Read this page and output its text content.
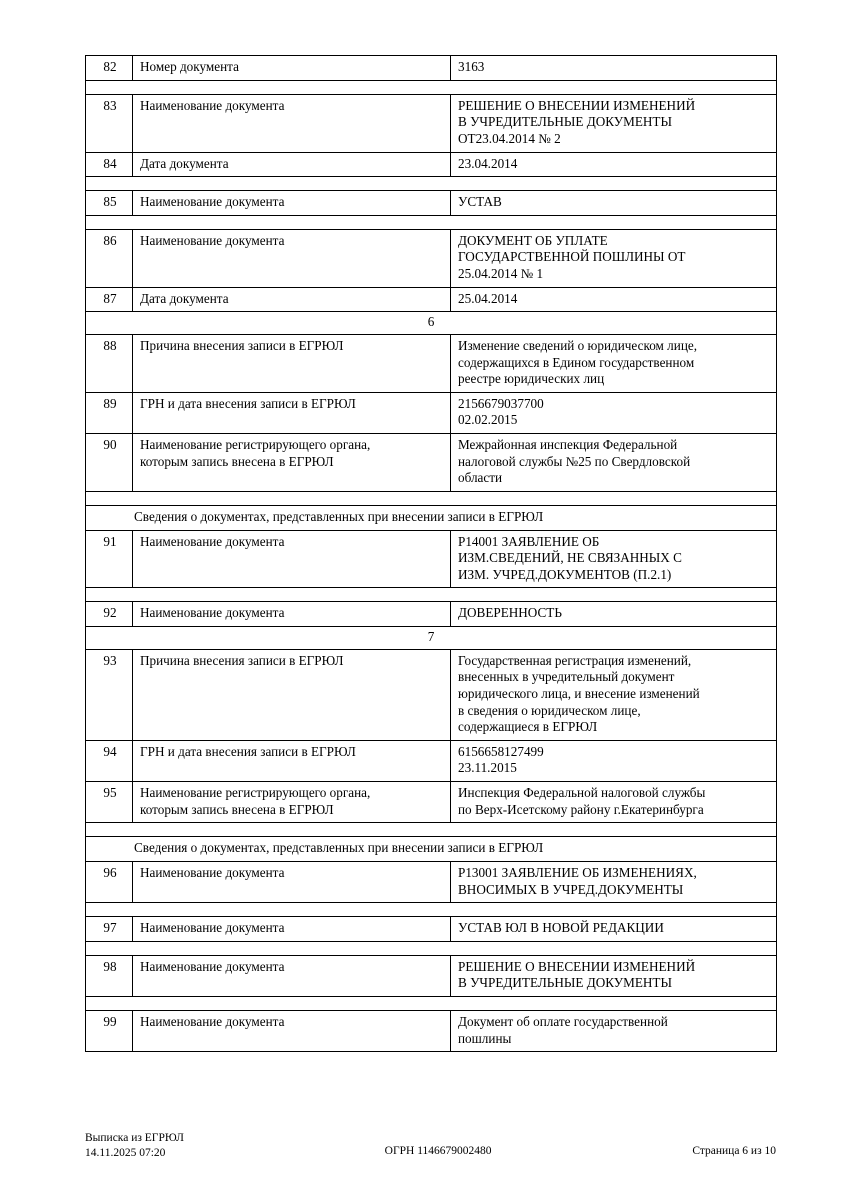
82	Номер документа	3163

83	Наименование документа	РЕШЕНИЕ О ВНЕСЕНИИ ИЗМЕНЕНИЙ
В УЧРЕДИТЕЛЬНЫЕ ДОКУМЕНТЫ
ОТ23.04.2014 № 2

84	Дата документа	23.04.2014

85	Наименование документа	УСТАВ

86	Наименование документа	ДОКУМЕНТ ОБ УПЛАТЕ
ГОСУДАРСТВЕННОЙ ПОШЛИНЫ ОТ
25.04.2014 № 1

87	Дата документа	25.04.2014

6		
88	Причина внесения записи в ЕГРЮЛ	Изменение сведений о юридическом лице,
содержащихся в Едином государственном
реестре юридических лиц

89	ГРН и дата внесения записи в ЕГРЮЛ	2156679037700
02.02.2015

90	Наименование регистрирующего органа,
которым запись внесена в ЕГРЮЛ	Межрайонная инспекция Федеральной
налоговой службы №25 по Свердловской
области

Сведения о документах, представленных при внесении записи в ЕГРЮЛ		
91	Наименование документа	Р14001 ЗАЯВЛЕНИЕ ОБ
ИЗМ.СВЕДЕНИЙ, НЕ СВЯЗАННЫХ С
ИЗМ. УЧРЕД.ДОКУМЕНТОВ (П.2.1)

92	Наименование документа	ДОВЕРЕННОСТЬ

7		
93	Причина внесения записи в ЕГРЮЛ	Государственная регистрация изменений,
внесенных в учредительный документ
юридического лица, и внесение изменений
в сведения о юридическом лице,
содержащиеся в ЕГРЮЛ

94	ГРН и дата внесения записи в ЕГРЮЛ	6156658127499
23.11.2015

95	Наименование регистрирующего органа,
которым запись внесена в ЕГРЮЛ	Инспекция Федеральной налоговой службы
по Верх-Исетскому району г.Екатеринбурга

Сведения о документах, представленных при внесении записи в ЕГРЮЛ		
96	Наименование документа	Р13001 ЗАЯВЛЕНИЕ ОБ ИЗМЕНЕНИЯХ,
ВНОСИМЫХ В УЧРЕД.ДОКУМЕНТЫ

97	Наименование документа	УСТАВ ЮЛ В НОВОЙ РЕДАКЦИИ

98	Наименование документа	РЕШЕНИЕ О ВНЕСЕНИИ ИЗМЕНЕНИЙ
В УЧРЕДИТЕЛЬНЫЕ ДОКУМЕНТЫ

99	Наименование документа	Документ об оплате государственной
пошлины
Выписка из ЕГРЮЛ
14.11.2025 07:20	ОГРН 1146679002480	Страница 6 из 10
